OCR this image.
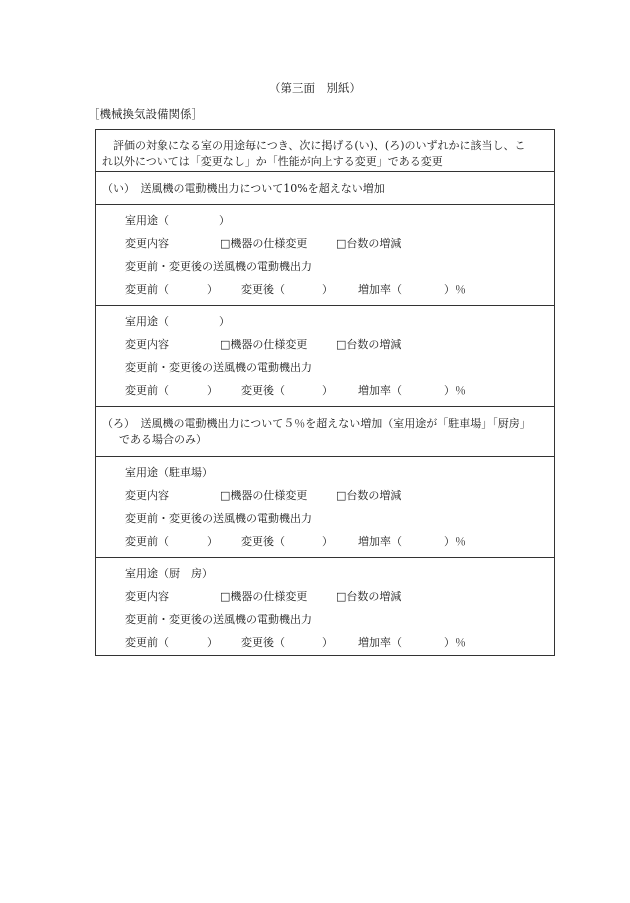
（第三面　別紙）
［機械換気設備関係］
評価の対象になる室の用途毎につき、次に掲げる(い)、(ろ)のいずれかに該当し、こ
れ以外については「変更なし」か「性能が向上する変更」である変更
（い）　送風機の電動機出力について10%を超えない増加
室用途（	）
変更内容	□機器の仕様変更	□台数の増減
変更前・変更後の送風機の電動機出力
変更前（	） 変更後（	） 増加率（	）％
室用途（	）
変更内容	□機器の仕様変更	□台数の増減
変更前・変更後の送風機の電動機出力
変更前（	） 変更後（	） 増加率（	）％
（ろ）　送風機の電動機出力について５％を超えない増加（室用途が「駐車場」「厨房」
である場合のみ）
室用途（駐車場）
変更内容	□機器の仕様変更	□台数の増減
変更前・変更後の送風機の電動機出力
変更前（	） 変更後（	） 増加率（	）％
室用途（厨　房）
変更内容	□機器の仕様変更	□台数の増減
変更前・変更後の送風機の電動機出力
変更前（	） 変更後（	） 増加率（	）％
